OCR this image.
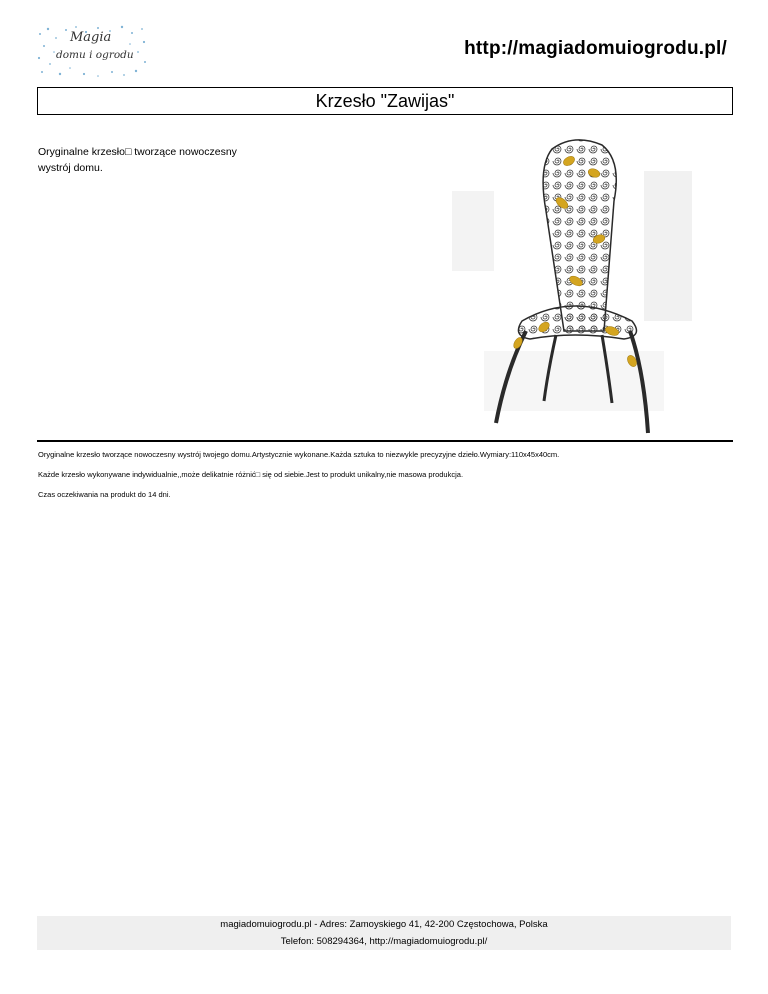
Magia
domu i ogrodu	http://magiadomuiogrodu.pl/
Krzesło "Zawijas"
Oryginalne krzesło□ tworzące nowoczesny wystrój domu.

Oryginalne krzesło tworzące nowoczesny wystrój twojego domu.Artystycznie wykonane.Każda sztuka to niezwykle precyzyjne dzieło.Wymiary:110x45x40cm.

Każde krzesło wykonywane indywidualnie,,może delikatnie różnić□ się od siebie.Jest to produkt unikalny,nie masowa produkcja.

Czas oczekiwania na produkt do 14 dni.

magiadomuiogrodu.pl - Adres: Zamoyskiego 41, 42-200 Częstochowa, Polska
Telefon: 508294364, http://magiadomuiogrodu.pl/
